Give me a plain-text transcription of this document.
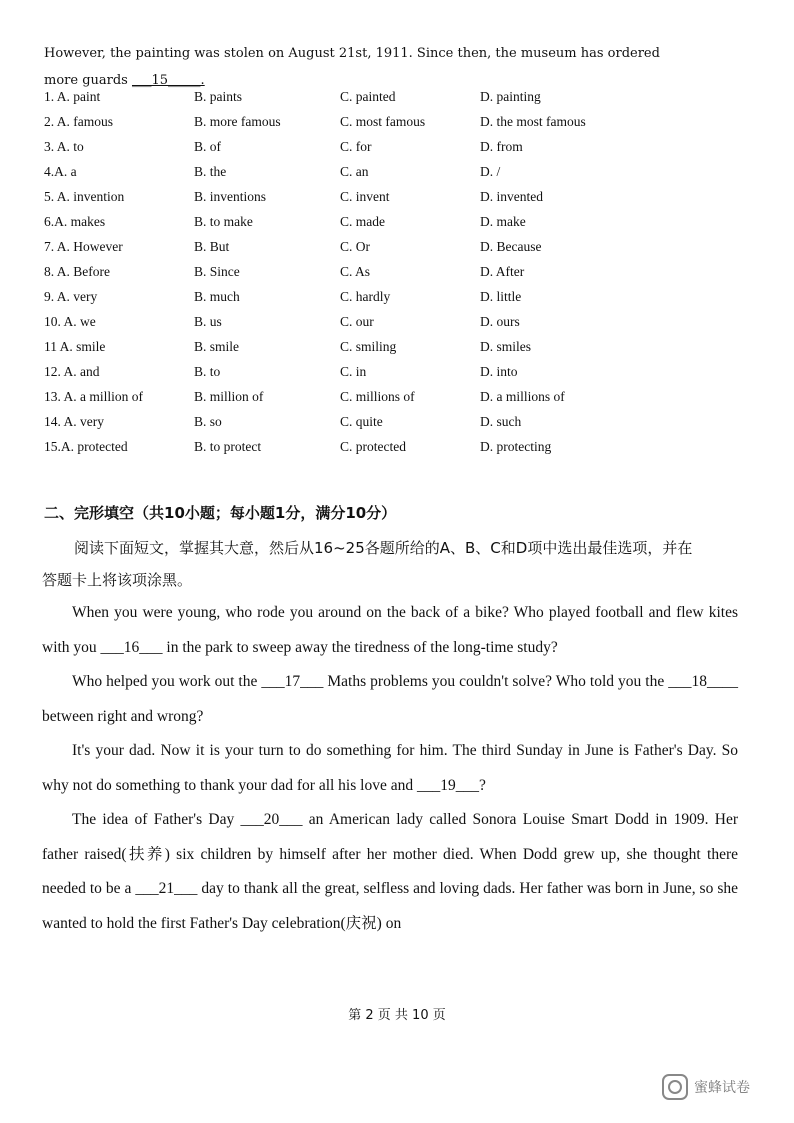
However, the painting was stolen on August 21st, 1911. Since then, the museum has ordered
more guards ___15_____.
1. A. paint	B. paints	C. painted	D. painting
2. A. famous	B. more famous	C. most famous	D. the most famous
3. A. to	B. of	C. for	D. from
4.A. a	B. the	C. an	D. /
5. A. invention	B. inventions	C. invent	D. invented
6.A. makes	B. to make	C. made	D. make
7. A. However	B. But	C. Or	D. Because
8. A. Before	B. Since	C. As	D. After
9. A. very	B. much	C. hardly	D. little
10. A. we	B. us	C. our	D. ours
11 A. smile	B. smile	C. smiling	D. smiles
12. A. and	B. to	C. in	D. into
13. A. a million of	B. million of	C. millions of	D. a millions of
14. A. very	B. so	C. quite	D. such
15.A. protected	B. to protect	C. protected	D. protecting
二、完形填空（共10小题；每小题1分，满分10分）
阅读下面短文，掌握其大意，然后从16~25各题所给的A、B、C和D项中选出最佳选项，并在答题卡上将该项涂黑。

When you were young, who rode you around on the back of a bike? Who played football and flew kites with you ___16___ in the park to sweep away the tiredness of the long-time study?

Who helped you work out the ___17___ Maths problems you couldn't solve? Who told you the ___18____ between right and wrong?

It's your dad. Now it is your turn to do something for him. The third Sunday in June is Father's Day. So why not do something to thank your dad for all his love and ___19___?

The idea of Father's Day ___20___ an American lady called Sonora Louise Smart Dodd in 1909. Her father raised(扶养) six children by himself after her mother died. When Dodd grew up, she thought there needed to be a ___21___ day to thank all the great, selfless and loving dads. Her father was born in June, so she wanted to hold the first Father's Day celebration(庆祝) on

第 2 页 共 10 页
蜜蜂试卷
